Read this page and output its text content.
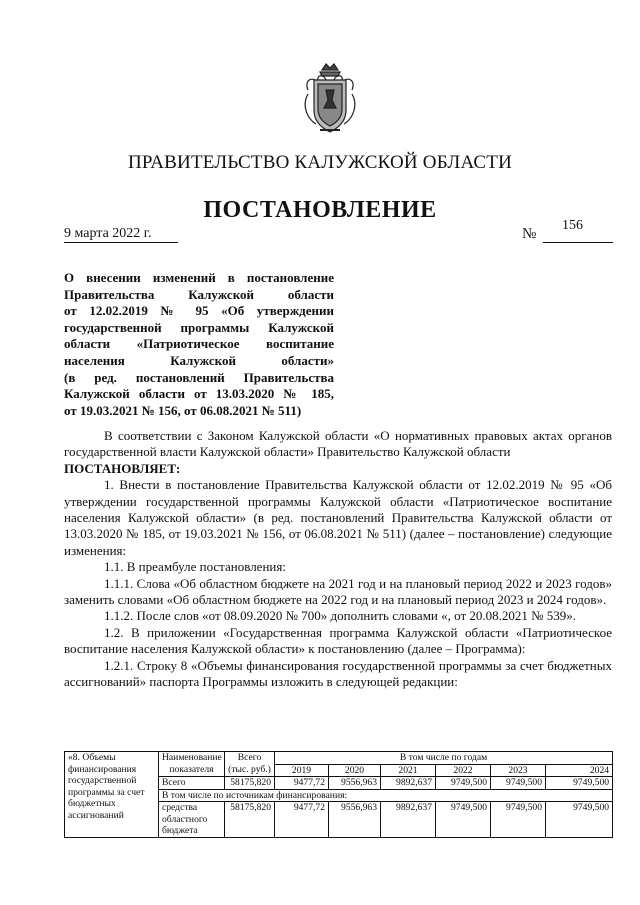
ПРАВИТЕЛЬСТВО КАЛУЖСКОЙ ОБЛАСТИ
ПОСТАНОВЛЕНИЕ
9 марта 2022 г.	№
156
О внесении изменений в постановление
Правительства Калужской области
от 12.02.2019 № 95 «Об утверждении
государственной программы Калужской
области «Патриотическое воспитание
населения Калужской области»
(в ред. постановлений Правительства
Калужской области от 13.03.2020 № 185,
от 19.03.2021 № 156, от 06.08.2021 № 511)

В соответствии с Законом Калужской области «О нормативных правовых актах органов государственной власти Калужской области» Правительство Калужской области

ПОСТАНОВЛЯЕТ:

1. Внести в постановление Правительства Калужской области от 12.02.2019 № 95 «Об утверждении государственной программы Калужской области «Патриотическое воспитание населения Калужской области» (в ред. постановлений Правительства Калужской области от 13.03.2020 № 185, от 19.03.2021 № 156, от 06.08.2021 № 511) (далее – постановление) следующие изменения:

1.1. В преамбуле постановления:

1.1.1. Слова «Об областном бюджете на 2021 год и на плановый период 2022 и 2023 годов» заменить словами «Об областном бюджете на 2022 год и на плановый период 2023 и 2024 годов».

1.1.2. После слов «от 08.09.2020 № 700» дополнить словами «, от 20.08.2021 № 539».

1.2. В приложении «Государственная программа Калужской области «Патриотическое воспитание населения Калужской области» к постановлению (далее – Программа):

1.2.1. Строку 8 «Объемы финансирования государственной программы за счет бюджетных ассигнований» паспорта Программы изложить в следующей редакции:

«8. Объемы финансирования государственной программы за счет бюджетных ассигнований	Наименование показателя	Всего (тыс. руб.)	В том числе по годам					
			2019	2020	2021	2022	2023	2024
	Всего	58175,820	9477,72	9556,963	9892,637	9749,500	9749,500	9749,500
	В том числе по источникам финансирования:							
	средства областного бюджета	58175,820	9477,72	9556,963	9892,637	9749,500	9749,500	9749,500
